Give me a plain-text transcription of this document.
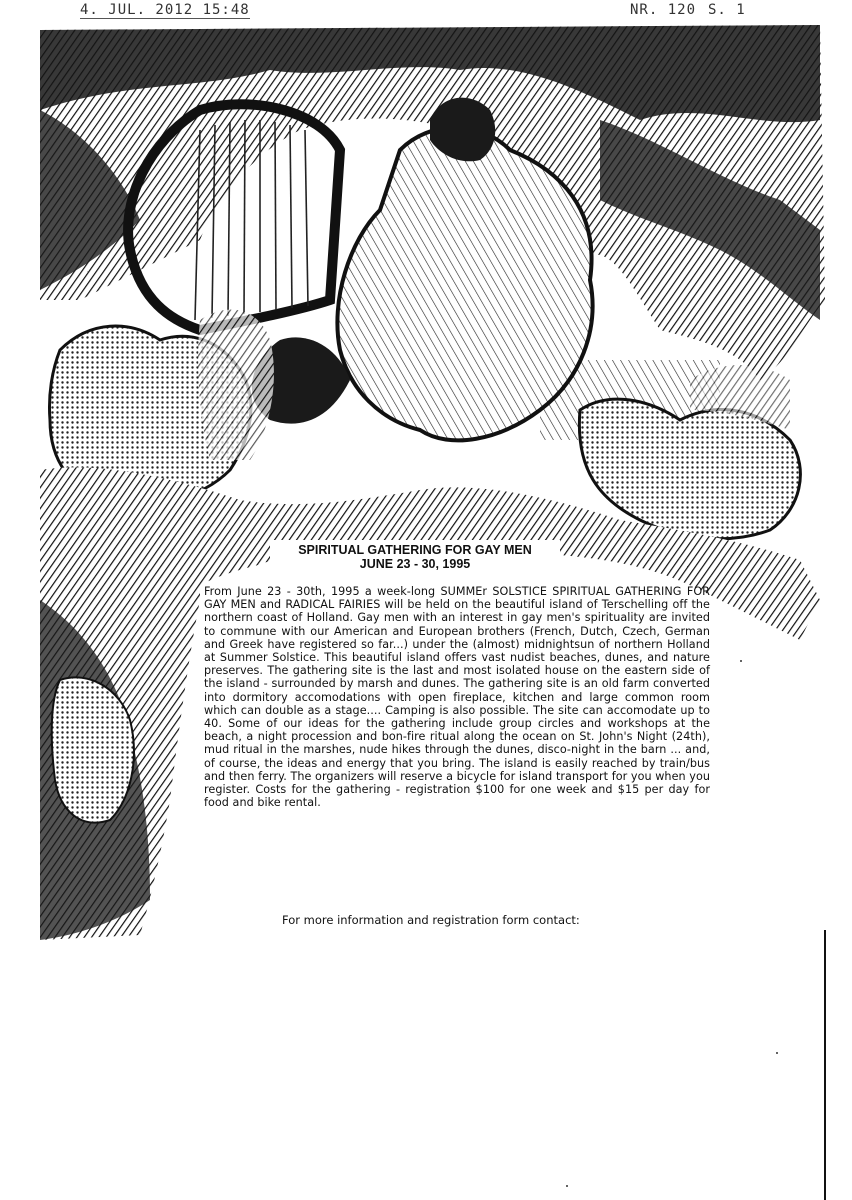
4. JUL. 2012 15:48	NR. 120 S. 1
SPIRITUAL GATHERING FOR GAY MEN
JUNE 23 - 30, 1995
From June 23 - 30th, 1995 a week-long SUMMEr SOLSTICE SPIRITUAL GATHERING FOR GAY MEN and RADICAL FAIRIES will be held on the beautiful island of Terschelling off the northern coast of Holland. Gay men with an interest in gay men's spirituality are invited to commune with our American and European brothers (French, Dutch, Czech, German and Greek have registered so far...) under the (almost) midnightsun of northern Holland at Summer Solstice. This beautiful island offers vast nudist beaches, dunes, and nature preserves. The gathering site is the last and most isolated house on the eastern side of the island - surrounded by marsh and dunes. The gathering site is an old farm converted into dormitory accomodations with open fireplace, kitchen and large common room which can double as a stage.... Camping is also possible. The site can accomodate up to 40. Some of our ideas for the gathering include group circles and workshops at the beach, a night procession and bon-fire ritual along the ocean on St. John's Night (24th), mud ritual in the marshes, nude hikes through the dunes, disco-night in the barn ... and, of course, the ideas and energy that you bring. The island is easily reached by train/bus and then ferry. The organizers will reserve a bicycle for island transport for you when you register. Costs for the gathering - registration $100 for one week and $15 per day for food and bike rental.
For more information and registration form contact:
